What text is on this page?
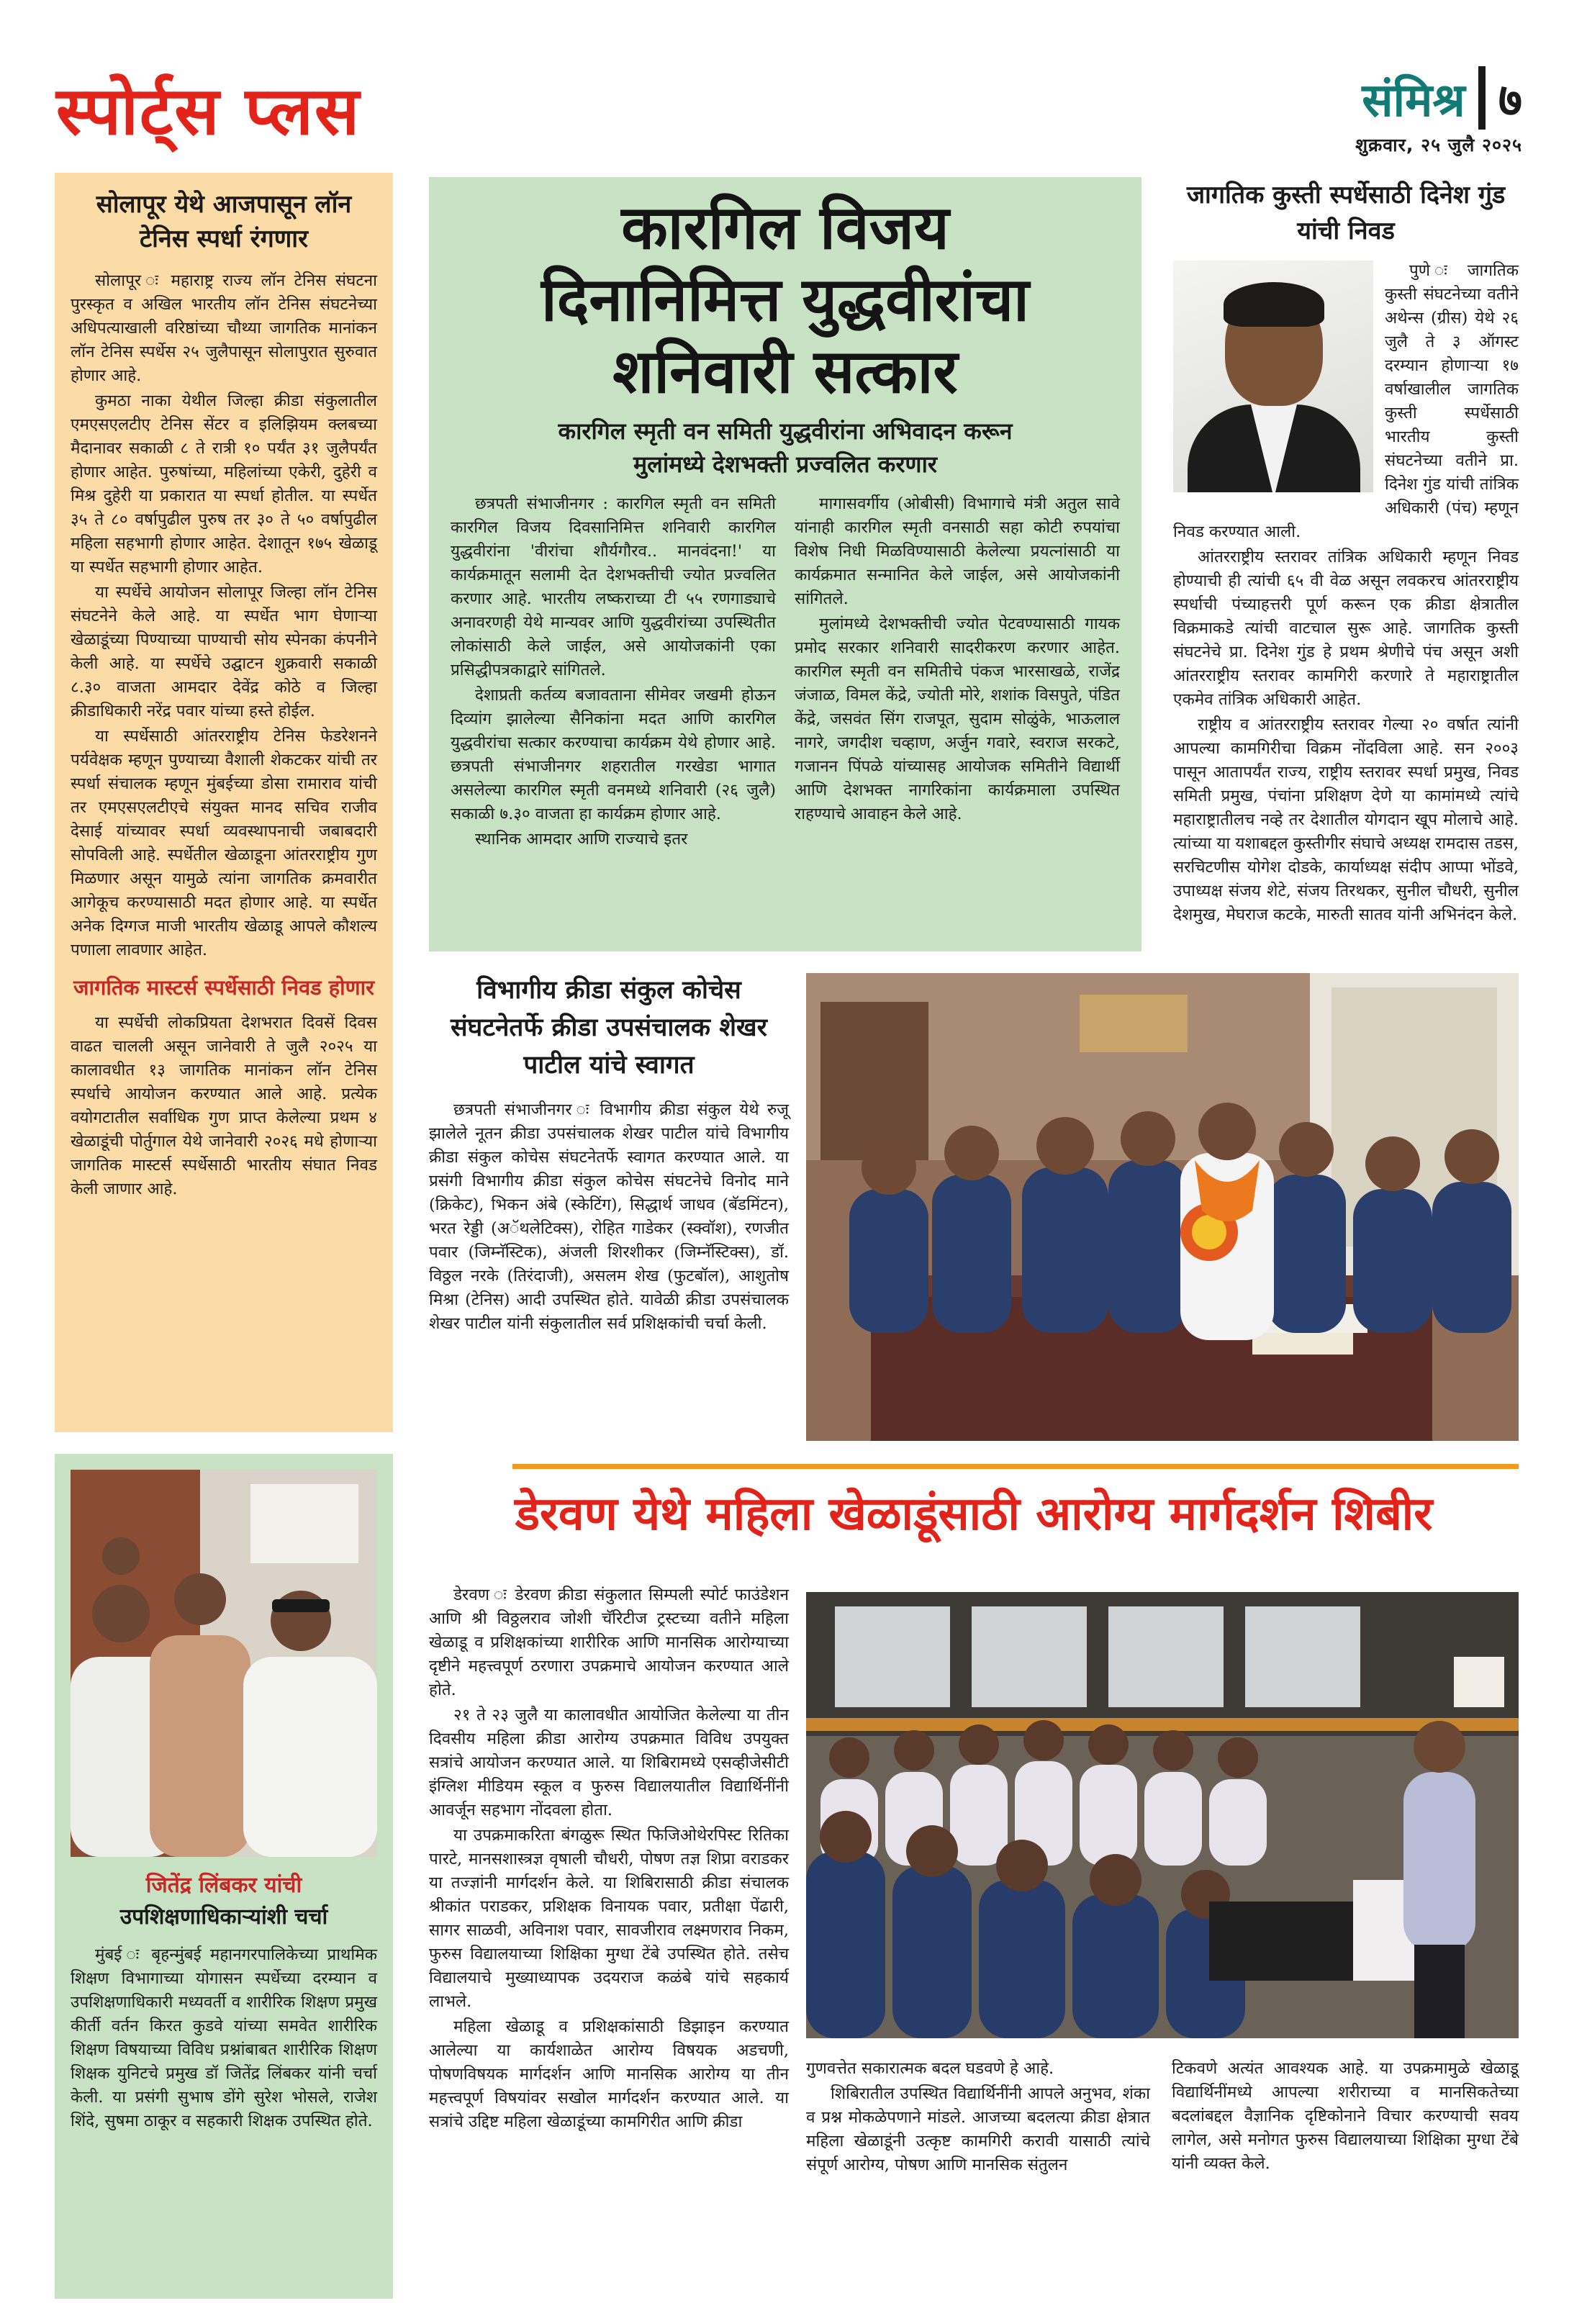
स्पोर्ट्स प्लस	संमिश्र ७
शुक्रवार, २५ जुलै २०२५
सोलापूर येथे आजपासून लॉन टेनिस स्पर्धा रंगणार

सोलापूर ः महाराष्ट्र राज्य लॉन टेनिस संघटना पुरस्कृत व अखिल भारतीय लॉन टेनिस संघटनेच्या अधिपत्याखाली वरिष्ठांच्या चौथ्या जागतिक मानांकन लॉन टेनिस स्पर्धेस २५ जुलैपासून सोलापुरात सुरुवात होणार आहे.

कुमठा नाका येथील जिल्हा क्रीडा संकुलातील एमएसएलटीए टेनिस सेंटर व इलिझियम क्लबच्या मैदानावर सकाळी ८ ते रात्री १० पर्यंत ३१ जुलैपर्यंत होणार आहेत. पुरुषांच्या, महिलांच्या एकेरी, दुहेरी व मिश्र दुहेरी या प्रकारात या स्पर्धा होतील. या स्पर्धेत ३५ ते ८० वर्षापुढील पुरुष तर ३० ते ५० वर्षापुढील महिला सहभागी होणार आहेत. देशातून १७५ खेळाडू या स्पर्धेत सहभागी होणार आहेत.

या स्पर्धेचे आयोजन सोलापूर जिल्हा लॉन टेनिस संघटनेने केले आहे. या स्पर्धेत भाग घेणाऱ्या खेळाडूंच्या पिण्याच्या पाण्याची सोय स्पेनका कंपनीने केली आहे. या स्पर्धेचे उद्घाटन शुक्रवारी सकाळी ८.३० वाजता आमदार देवेंद्र कोठे व जिल्हा क्रीडाधिकारी नरेंद्र पवार यांच्या हस्ते होईल.

या स्पर्धेसाठी आंतरराष्ट्रीय टेनिस फेडरेशनने पर्यवेक्षक म्हणून पुण्याच्या वैशाली शेकटकर यांची तर स्पर्धा संचालक म्हणून मुंबईच्या डोसा रामाराव यांची तर एमएसएलटीएचे संयुक्त मानद सचिव राजीव देसाई यांच्यावर स्पर्धा व्यवस्थापनाची जबाबदारी सोपविली आहे. स्पर्धेतील खेळाडूना आंतरराष्ट्रीय गुण मिळणार असून यामुळे त्यांना जागतिक क्रमवारीत आगेकूच करण्यासाठी मदत होणार आहे. या स्पर्धेत अनेक दिग्गज माजी भारतीय खेळाडू आपले कौशल्य पणाला लावणार आहेत.

जागतिक मास्टर्स स्पर्धेसाठी निवड होणार

या स्पर्धेची लोकप्रियता देशभरात दिवसें दिवस वाढत चालली असून जानेवारी ते जुलै २०२५ या कालावधीत १३ जागतिक मानांकन लॉन टेनिस स्पर्धाचे आयोजन करण्यात आले आहे. प्रत्येक वयोगटातील सर्वाधिक गुण प्राप्त केलेल्या प्रथम ४ खेळाडूंची पोर्तुगाल येथे जानेवारी २०२६ मधे होणाऱ्या जागतिक मास्टर्स स्पर्धेसाठी भारतीय संघात निवड केली जाणार आहे.

कारगिल विजय
दिनानिमित्त युद्धवीरांचा
शनिवारी सत्कार
कारगिल स्मृती वन समिती युद्धवीरांना अभिवादन करून
मुलांमध्ये देशभक्ती प्रज्वलित करणार

छत्रपती संभाजीनगर : कारगिल स्मृती वन समिती कारगिल विजय दिवसानिमित्त शनिवारी कारगिल युद्धवीरांना 'वीरांचा शौर्यगौरव.. मानवंदना!' या कार्यक्रमातून सलामी देत देशभक्तीची ज्योत प्रज्वलित करणार आहे. भारतीय लष्कराच्या टी ५५ रणगाड्याचे अनावरणही येथे मान्यवर आणि युद्धवीरांच्या उपस्थितीत लोकांसाठी केले जाईल, असे आयोजकांनी एका प्रसिद्धीपत्रकाद्वारे सांगितले.

देशाप्रती कर्तव्य बजावताना सीमेवर जखमी होऊन दिव्यांग झालेल्या सैनिकांना मदत आणि कारगिल युद्धवीरांचा सत्कार करण्याचा कार्यक्रम येथे होणार आहे. छत्रपती संभाजीनगर शहरातील गरखेडा भागात असलेल्या कारगिल स्मृती वनमध्ये शनिवारी (२६ जुलै) सकाळी ७.३० वाजता हा कार्यक्रम होणार आहे.

स्थानिक आमदार आणि राज्याचे इतर

मागासवर्गीय (ओबीसी) विभागाचे मंत्री अतुल सावे यांनाही कारगिल स्मृती वनसाठी सहा कोटी रुपयांचा विशेष निधी मिळविण्यासाठी केलेल्या प्रयत्नांसाठी या कार्यक्रमात सन्मानित केले जाईल, असे आयोजकांनी सांगितले.

मुलांमध्ये देशभक्तीची ज्योत पेटवण्यासाठी गायक प्रमोद सरकार शनिवारी सादरीकरण करणार आहेत. कारगिल स्मृती वन समितीचे पंकज भारसाखळे, राजेंद्र जंजाळ, विमल केंद्रे, ज्योती मोरे, शशांक विसपुते, पंडित केंद्रे, जसवंत सिंग राजपूत, सुदाम सोळुंके, भाऊलाल नागरे, जगदीश चव्हाण, अर्जुन गवारे, स्वराज सरकटे, गजानन पिंपळे यांच्यासह आयोजक समितीने विद्यार्थी आणि देशभक्त नागरिकांना कार्यक्रमाला उपस्थित राहण्याचे आवाहन केले आहे.

जागतिक कुस्ती स्पर्धेसाठी दिनेश गुंड यांची निवड

पुणे ः जागतिक कुस्ती संघटनेच्या वतीने अथेन्स (ग्रीस) येथे २६ जुलै ते ३ ऑगस्ट दरम्यान होणाऱ्या १७ वर्षाखालील जागतिक कुस्ती स्पर्धेसाठी भारतीय कुस्ती संघटनेच्या वतीने प्रा. दिनेश गुंड यांची तांत्रिक अधिकारी (पंच) म्हणून निवड करण्यात आली.

आंतरराष्ट्रीय स्तरावर तांत्रिक अधिकारी म्हणून निवड होण्याची ही त्यांची ६५ वी वेळ असून लवकरच आंतरराष्ट्रीय स्पर्धाची पंच्याहत्तरी पूर्ण करून एक क्रीडा क्षेत्रातील विक्रमाकडे त्यांची वाटचाल सुरू आहे. जागतिक कुस्ती संघटनेचे प्रा. दिनेश गुंड हे प्रथम श्रेणीचे पंच असून अशी आंतरराष्ट्रीय स्तरावर कामगिरी करणारे ते महाराष्ट्रातील एकमेव तांत्रिक अधिकारी आहेत.

राष्ट्रीय व आंतरराष्ट्रीय स्तरावर गेल्या २० वर्षात त्यांनी आपल्या कामगिरीचा विक्रम नोंदविला आहे. सन २००३ पासून आतापर्यंत राज्य, राष्ट्रीय स्तरावर स्पर्धा प्रमुख, निवड समिती प्रमुख, पंचांना प्रशिक्षण देणे या कामांमध्ये त्यांचे महाराष्ट्रातीलच नव्हे तर देशातील योगदान खूप मोलाचे आहे. त्यांच्या या यशाबद्दल कुस्तीगीर संघाचे अध्यक्ष रामदास तडस, सरचिटणीस योगेश दोडके, कार्याध्यक्ष संदीप आप्पा भोंडवे, उपाध्यक्ष संजय शेटे, संजय तिरथकर, सुनील चौधरी, सुनील देशमुख, मेघराज कटके, मारुती सातव यांनी अभिनंदन केले.

विभागीय क्रीडा संकुल कोचेस संघटनेतर्फे क्रीडा उपसंचालक शेखर पाटील यांचे स्वागत

छत्रपती संभाजीनगर ः विभागीय क्रीडा संकुल येथे रुजू झालेले नूतन क्रीडा उपसंचालक शेखर पाटील यांचे विभागीय क्रीडा संकुल कोचेस संघटनेतर्फे स्वागत करण्यात आले. या प्रसंगी विभागीय क्रीडा संकुल कोचेस संघटनेचे विनोद माने (क्रिकेट), भिकन अंबे (स्केटिंग), सिद्धार्थ जाधव (बॅडमिंटन), भरत रेड्डी (अॅथलेटिक्स), रोहित गाडेकर (स्क्वॉश), रणजीत पवार (जिम्नॅस्टिक), अंजली शिरशीकर (जिम्नॅस्टिक्स), डॉ. विठ्ठल नरके (तिरंदाजी), असलम शेख (फुटबॉल), आशुतोष मिश्रा (टेनिस) आदी उपस्थित होते. यावेळी क्रीडा उपसंचालक शेखर पाटील यांनी संकुलातील सर्व प्रशिक्षकांची चर्चा केली.

डेरवण येथे महिला खेळाडूंसाठी आरोग्य मार्गदर्शन शिबीर

डेरवण ः डेरवण क्रीडा संकुलात सिम्पली स्पोर्ट फाउंडेशन आणि श्री विठ्ठलराव जोशी चॅरिटीज ट्रस्टच्या वतीने महिला खेळाडू व प्रशिक्षकांच्या शारीरिक आणि मानसिक आरोग्याच्या दृष्टीने महत्त्वपूर्ण ठरणारा उपक्रमाचे आयोजन करण्यात आले होते.

२१ ते २३ जुलै या कालावधीत आयोजित केलेल्या या तीन दिवसीय महिला क्रीडा आरोग्य उपक्रमात विविध उपयुक्त सत्रांचे आयोजन करण्यात आले. या शिबिरामध्ये एसव्हीजेसीटी इंग्लिश मीडियम स्कूल व फुरुस विद्यालयातील विद्यार्थिनींनी आवर्जून सहभाग नोंदवला होता.

या उपक्रमाकरिता बंगळुरू स्थित फिजिओथेरपिस्ट रितिका पारटे, मानसशास्त्रज्ञ वृषाली चौधरी, पोषण तज्ञ शिप्रा वराडकर या तज्ज्ञांनी मार्गदर्शन केले. या शिबिरासाठी क्रीडा संचालक श्रीकांत पराडकर, प्रशिक्षक विनायक पवार, प्रतीक्षा पेंढारी, सागर साळवी, अविनाश पवार, सावजीराव लक्ष्मणराव निकम, फुरुस विद्यालयाच्या शिक्षिका मुग्धा टेंबे उपस्थित होते. तसेच विद्यालयाचे मुख्याध्यापक उदयराज कळंबे यांचे सहकार्य लाभले.

महिला खेळाडू व प्रशिक्षकांसाठी डिझाइन करण्यात आलेल्या या कार्यशाळेत आरोग्य विषयक अडचणी, पोषणविषयक मार्गदर्शन आणि मानसिक आरोग्य या तीन महत्त्वपूर्ण विषयांवर सखोल मार्गदर्शन करण्यात आले. या सत्रांचे उद्दिष्ट महिला खेळाडूंच्या कामगिरीत आणि क्रीडा

गुणवत्तेत सकारात्मक बदल घडवणे हे आहे.

शिबिरातील उपस्थित विद्यार्थिनींनी आपले अनुभव, शंका व प्रश्न मोकळेपणाने मांडले. आजच्या बदलत्या क्रीडा क्षेत्रात महिला खेळाडूंनी उत्कृष्ट कामगिरी करावी यासाठी त्यांचे संपूर्ण आरोग्य, पोषण आणि मानसिक संतुलन

टिकवणे अत्यंत आवश्यक आहे. या उपक्रमामुळे खेळाडू विद्यार्थिनींमध्ये आपल्या शरीराच्या व मानसिकतेच्या बदलांबद्दल वैज्ञानिक दृष्टिकोनाने विचार करण्याची सवय लागेल, असे मनोगत फुरुस विद्यालयाच्या शिक्षिका मुग्धा टेंबे यांनी व्यक्त केले.

जितेंद्र लिंबकर यांची
उपशिक्षणाधिकाऱ्यांशी चर्चा

मुंबई ः बृहन्मुंबई महानगरपालिकेच्या प्राथमिक शिक्षण विभागाच्या योगासन स्पर्धेच्या दरम्यान व उपशिक्षणाधिकारी मध्यवर्ती व शारीरिक शिक्षण प्रमुख कीर्ती वर्तन किरत कुडवे यांच्या समवेत शारीरिक शिक्षण विषयाच्या विविध प्रश्नांबाबत शारीरिक शिक्षण शिक्षक युनिटचे प्रमुख डॉ जितेंद्र लिंबकर यांनी चर्चा केली. या प्रसंगी सुभाष डोंगे सुरेश भोसले, राजेश शिंदे, सुषमा ठाकूर व सहकारी शिक्षक उपस्थित होते.
